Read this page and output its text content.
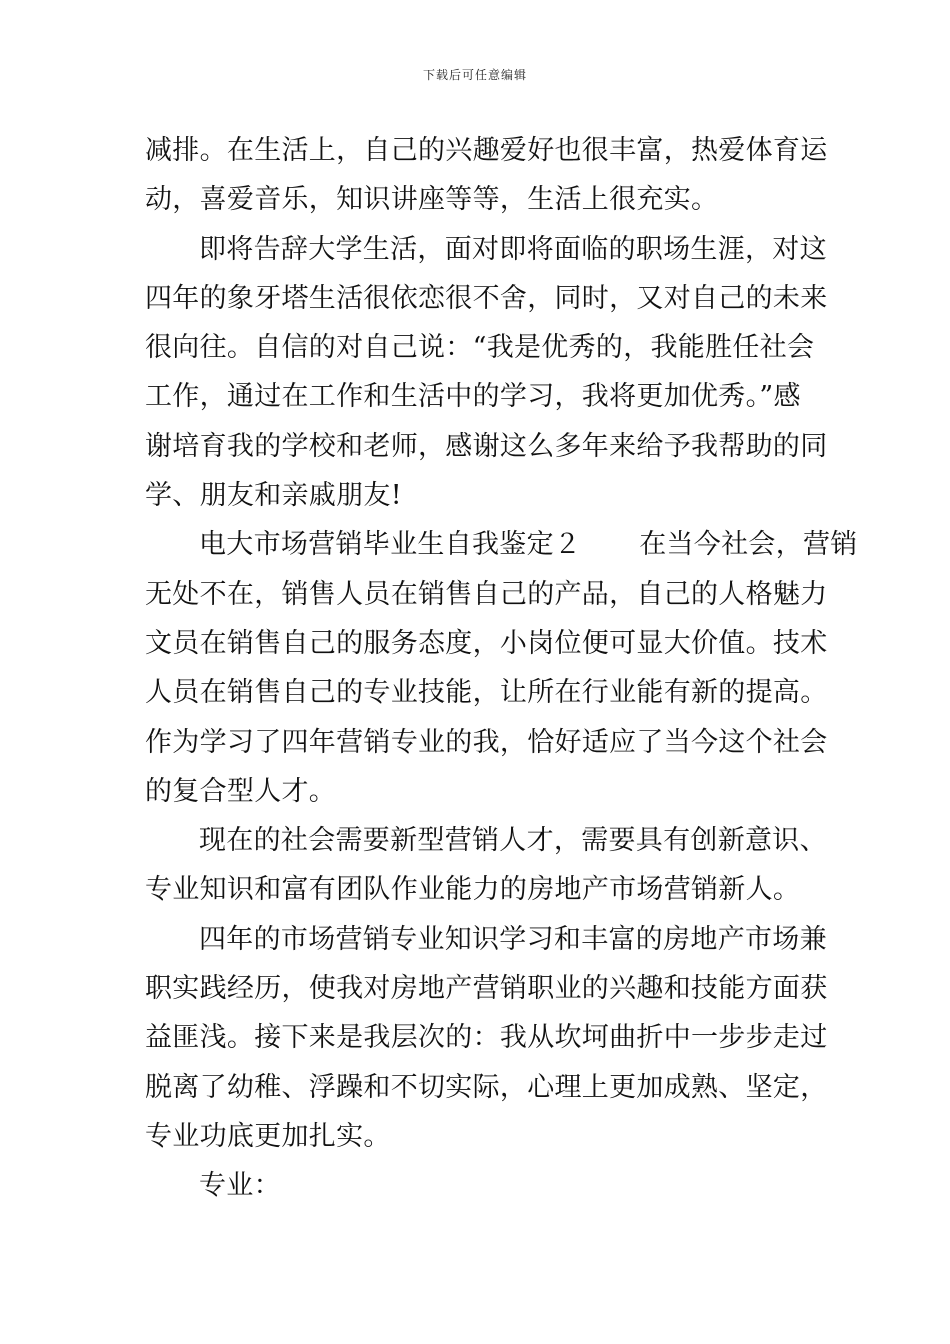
下载后可任意编辑
减排。在生活上，自己的兴趣爱好也很丰富，热爱体育运
动，喜爱音乐，知识讲座等等，生活上很充实。
即将告辞大学生活，面对即将面临的职场生涯，对这
四年的象牙塔生活很依恋很不舍，同时，又对自己的未来
很向往。自信的对自己说：“我是优秀的，我能胜任社会
工作，通过在工作和生活中的学习，我将更加优秀。”感
谢培育我的学校和老师，感谢这么多年来给予我帮助的同
学、朋友和亲戚朋友!
电大市场营销毕业生自我鉴定２ 在当今社会，营销
无处不在，销售人员在销售自己的产品，自己的人格魅力
文员在销售自己的服务态度，小岗位便可显大价值。技术
人员在销售自己的专业技能，让所在行业能有新的提高。
作为学习了四年营销专业的我，恰好适应了当今这个社会
的复合型人才。
现在的社会需要新型营销人才，需要具有创新意识、
专业知识和富有团队作业能力的房地产市场营销新人。
四年的市场营销专业知识学习和丰富的房地产市场兼
职实践经历，使我对房地产营销职业的兴趣和技能方面获
益匪浅。接下来是我层次的：我从坎坷曲折中一步步走过
脱离了幼稚、浮躁和不切实际，心理上更加成熟、坚定，
专业功底更加扎实。
专业：
